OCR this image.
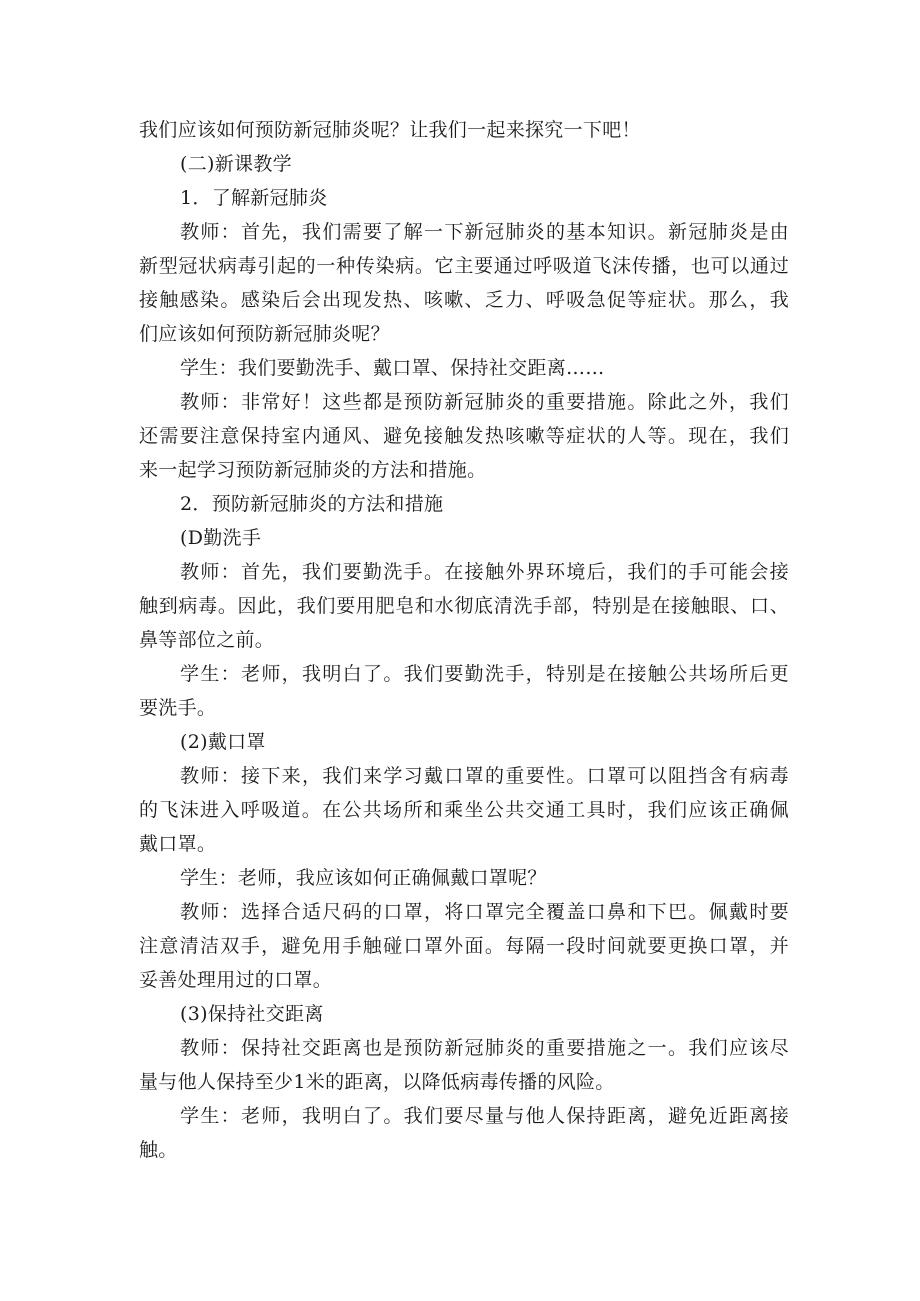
我们应该如何预防新冠肺炎呢？让我们一起来探究一下吧！

(二)新课教学

1．了解新冠肺炎

教师：首先，我们需要了解一下新冠肺炎的基本知识。新冠肺炎是由

新型冠状病毒引起的一种传染病。它主要通过呼吸道飞沫传播，也可以通过

接触感染。感染后会出现发热、咳嗽、乏力、呼吸急促等症状。那么，我

们应该如何预防新冠肺炎呢？

学生：我们要勤洗手、戴口罩、保持社交距离……

教师：非常好！这些都是预防新冠肺炎的重要措施。除此之外，我们

还需要注意保持室内通风、避免接触发热咳嗽等症状的人等。现在，我们

来一起学习预防新冠肺炎的方法和措施。

2．预防新冠肺炎的方法和措施

(D勤洗手

教师：首先，我们要勤洗手。在接触外界环境后，我们的手可能会接

触到病毒。因此，我们要用肥皂和水彻底清洗手部，特别是在接触眼、口、

鼻等部位之前。

学生：老师，我明白了。我们要勤洗手，特别是在接触公共场所后更

要洗手。

(2)戴口罩

教师：接下来，我们来学习戴口罩的重要性。口罩可以阻挡含有病毒

的飞沫进入呼吸道。在公共场所和乘坐公共交通工具时，我们应该正确佩

戴口罩。

学生：老师，我应该如何正确佩戴口罩呢？

教师：选择合适尺码的口罩，将口罩完全覆盖口鼻和下巴。佩戴时要

注意清洁双手，避免用手触碰口罩外面。每隔一段时间就要更换口罩，并

妥善处理用过的口罩。

(3)保持社交距离

教师：保持社交距离也是预防新冠肺炎的重要措施之一。我们应该尽

量与他人保持至少1米的距离，以降低病毒传播的风险。

学生：老师，我明白了。我们要尽量与他人保持距离，避免近距离接

触。
